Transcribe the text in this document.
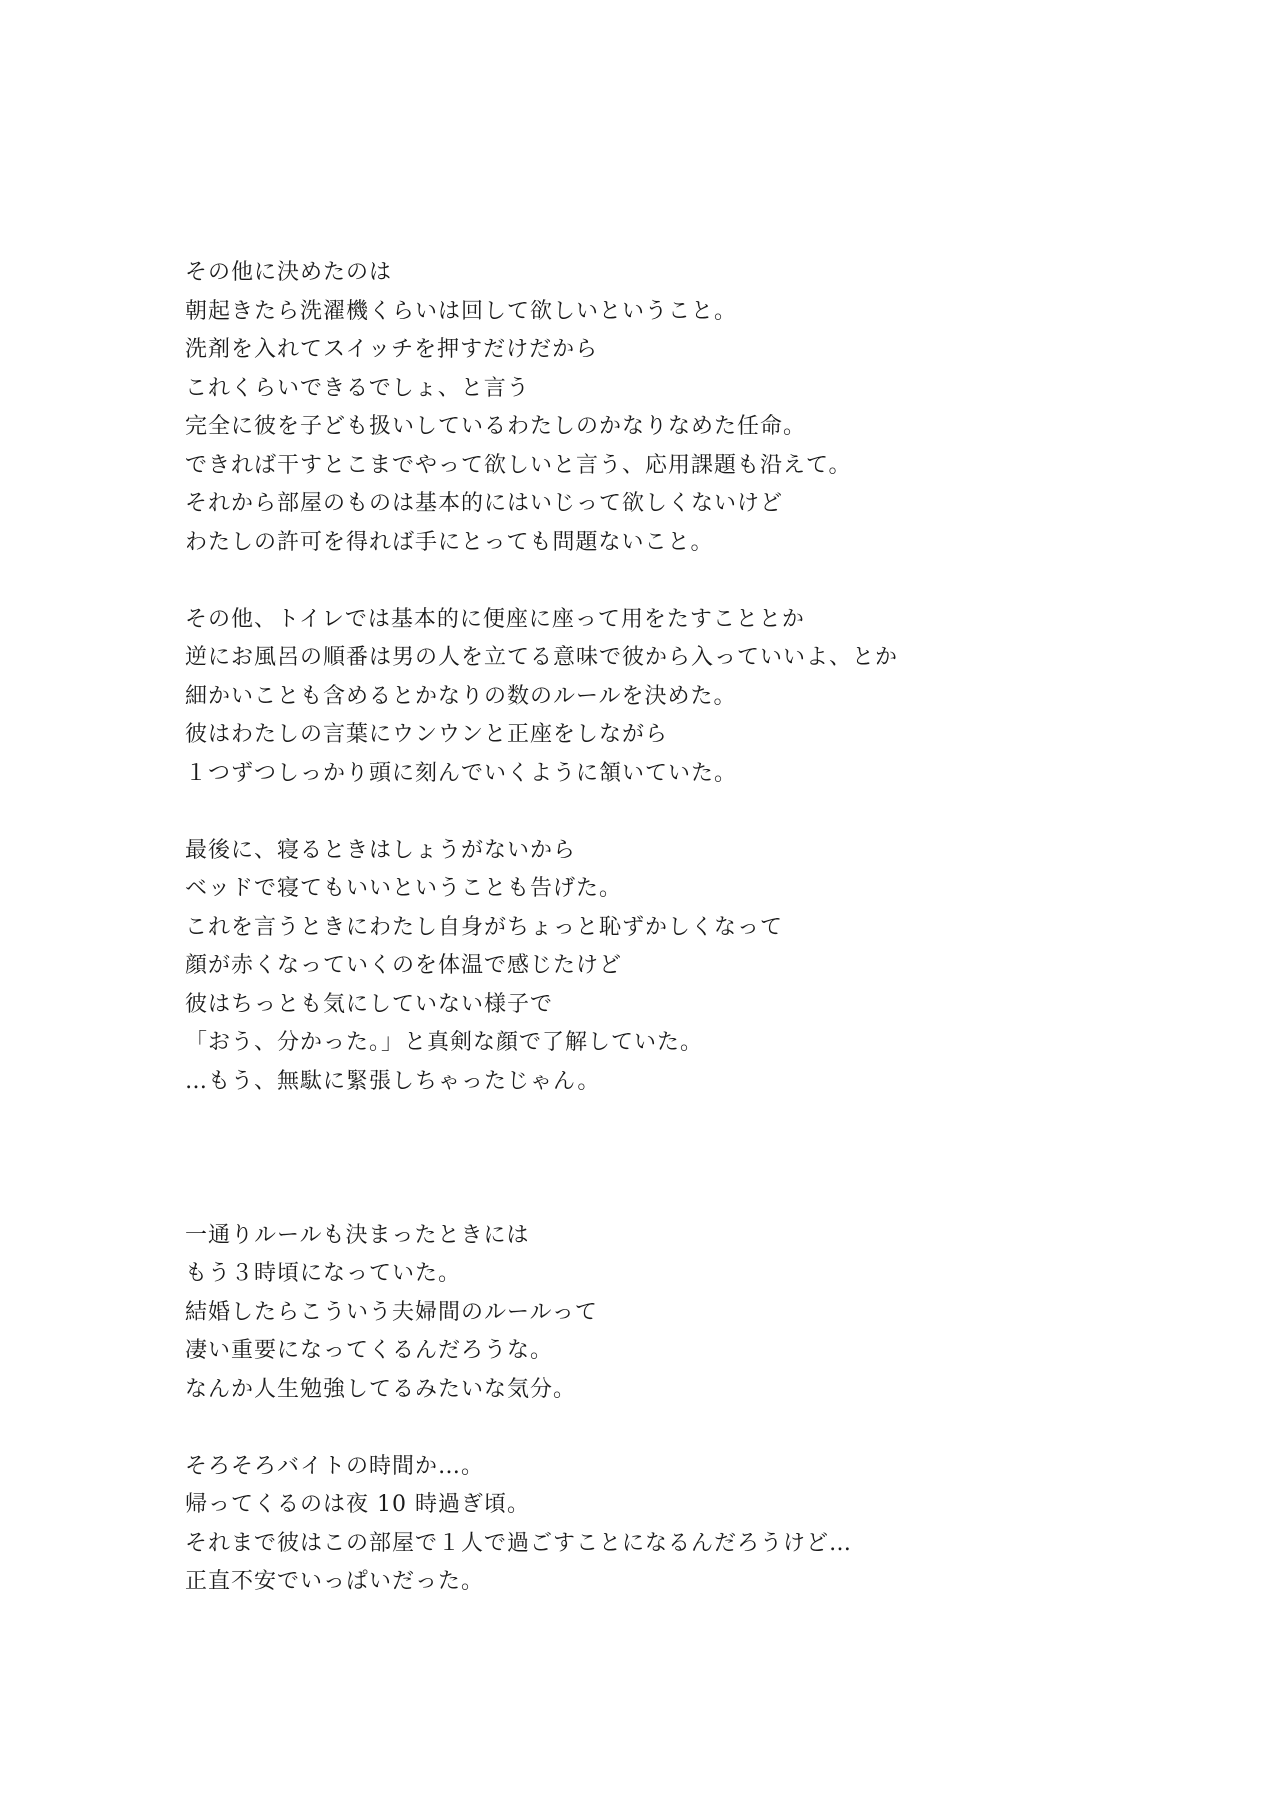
その他に決めたのは
朝起きたら洗濯機くらいは回して欲しいということ。
洗剤を入れてスイッチを押すだけだから
これくらいできるでしょ、と言う
完全に彼を子ども扱いしているわたしのかなりなめた任命。
できれば干すとこまでやって欲しいと言う、応用課題も沿えて。
それから部屋のものは基本的にはいじって欲しくないけど
わたしの許可を得れば手にとっても問題ないこと。
その他、トイレでは基本的に便座に座って用をたすこととか
逆にお風呂の順番は男の人を立てる意味で彼から入っていいよ、とか
細かいことも含めるとかなりの数のルールを決めた。
彼はわたしの言葉にウンウンと正座をしながら
１つずつしっかり頭に刻んでいくように頷いていた。
最後に、寝るときはしょうがないから
ベッドで寝てもいいということも告げた。
これを言うときにわたし自身がちょっと恥ずかしくなって
顔が赤くなっていくのを体温で感じたけど
彼はちっとも気にしていない様子で
「おう、分かった。」と真剣な顔で了解していた。
…もう、無駄に緊張しちゃったじゃん。
一通りルールも決まったときには
もう３時頃になっていた。
結婚したらこういう夫婦間のルールって
凄い重要になってくるんだろうな。
なんか人生勉強してるみたいな気分。
そろそろバイトの時間か…。
帰ってくるのは夜 10 時過ぎ頃。
それまで彼はこの部屋で１人で過ごすことになるんだろうけど…
正直不安でいっぱいだった。
